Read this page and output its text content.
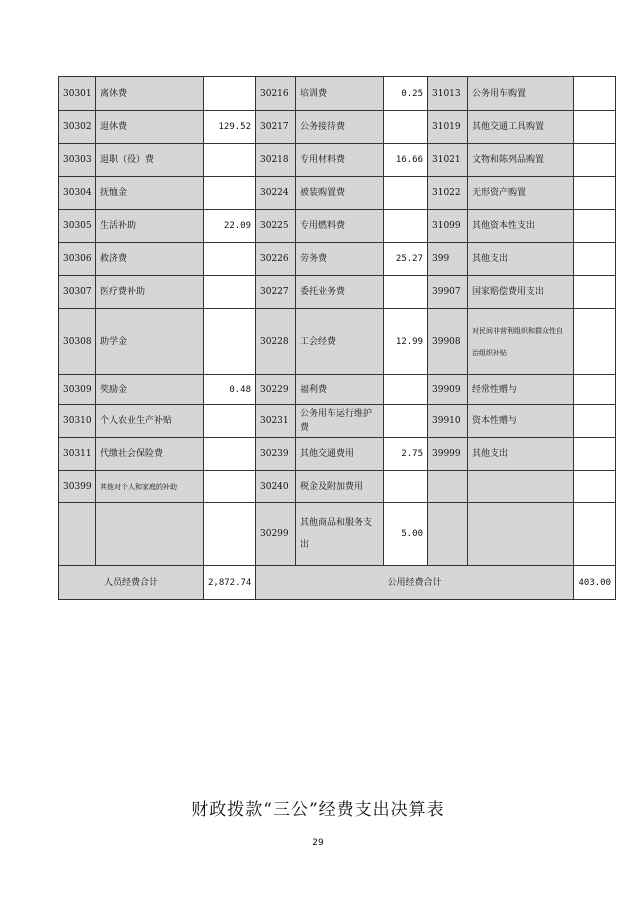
30301	离休费		30216	培训费	0.25	31013	公务用车购置	
30302	退休费	129.52	30217	公务接待费		31019	其他交通工具购置	
30303	退职（役）费		30218	专用材料费	16.66	31021	文物和陈列品购置	
30304	抚恤金		30224	被装购置费		31022	无形资产购置	
30305	生活补助	22.09	30225	专用燃料费		31099	其他资本性支出	
30306	救济费		30226	劳务费	25.27	399	其他支出	
30307	医疗费补助		30227	委托业务费		39907	国家赔偿费用支出	
30308	助学金		30228	工会经费	12.99	39908	对民间非营利组织和群众性自治组织补贴	
30309	奖励金	0.48	30229	福利费		39909	经常性赠与	
30310	个人农业生产补贴		30231	公务用车运行维护费		39910	资本性赠与	
30311	代缴社会保险费		30239	其他交通费用	2.75	39999	其他支出	
30399	其他对个人和家庭的补助		30240	税金及附加费用				
			30299	其他商品和服务支出	5.00			
人员经费合计		2,872.74	公用经费合计					403.00
财政拨款“三公”经费支出决算表
29
